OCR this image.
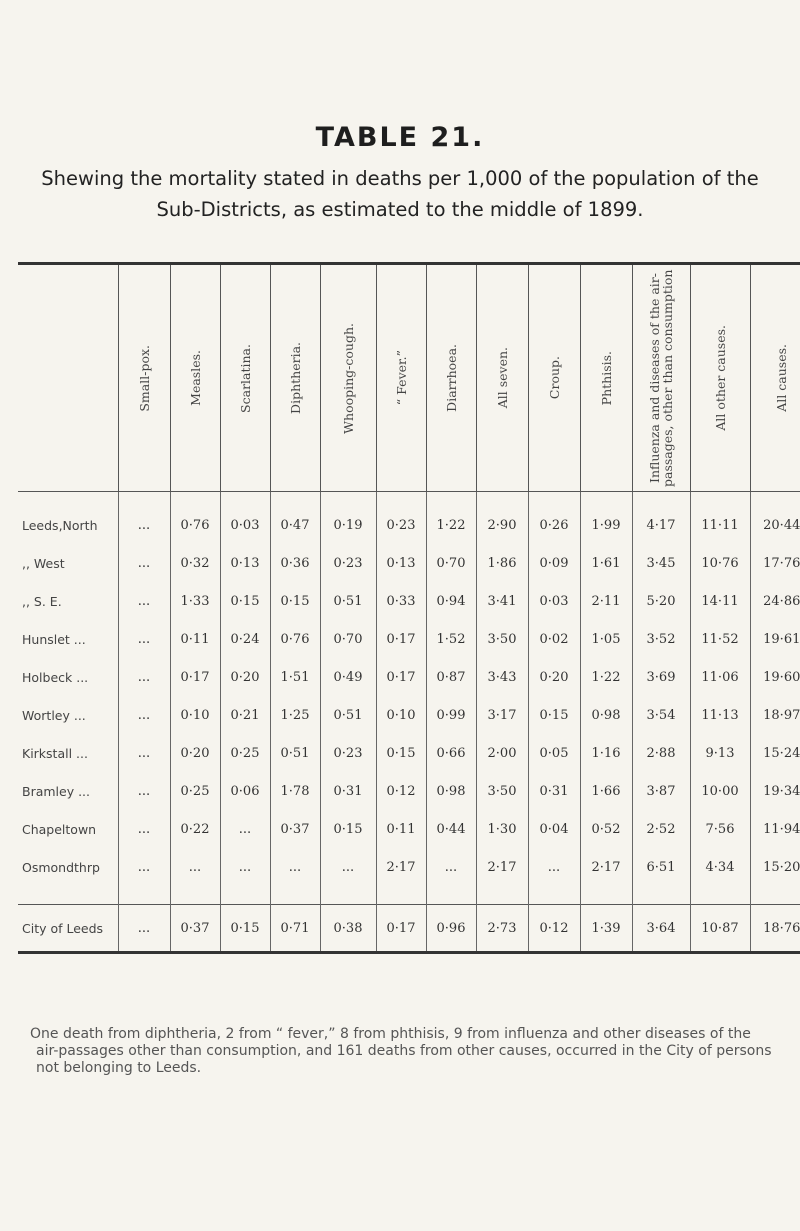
TABLE 21.
Shewing the mortality stated in deaths per 1,000 of the population of the Sub-Districts, as estimated to the middle of 1899.

	Small-pox.	Measles.	Scarlatina.	Diphtheria.	Whooping-cough.	“ Fever.”	Diarrhoea.	All seven.	Croup.	Phthisis.	Influenza and diseases of the air-passages, other than consumption	All other causes.	All causes.

Leeds,North	...	0·76	0·03	0·47	0·19	0·23	1·22	2·90	0·26	1·99	4·17	11·11	20·44
,, West	...	0·32	0·13	0·36	0·23	0·13	0·70	1·86	0·09	1·61	3·45	10·76	17·76
,, S. E.	...	1·33	0·15	0·15	0·51	0·33	0·94	3·41	0·03	2·11	5·20	14·11	24·86
Hunslet ...	...	0·11	0·24	0·76	0·70	0·17	1·52	3·50	0·02	1·05	3·52	11·52	19·61
Holbeck ...	...	0·17	0·20	1·51	0·49	0·17	0·87	3·43	0·20	1·22	3·69	11·06	19·60
Wortley ...	...	0·10	0·21	1·25	0·51	0·10	0·99	3·17	0·15	0·98	3·54	11·13	18·97
Kirkstall ...	...	0·20	0·25	0·51	0·23	0·15	0·66	2·00	0·05	1·16	2·88	9·13	15·24
Bramley ...	...	0·25	0·06	1·78	0·31	0·12	0·98	3·50	0·31	1·66	3·87	10·00	19·34
Chapeltown	...	0·22	...	0·37	0·15	0·11	0·44	1·30	0·04	0·52	2·52	7·56	11·94
Osmondthrp	...	...	...	...	...	2·17	...	2·17	...	2·17	6·51	4·34	15·20

City of Leeds	...	0·37	0·15	0·71	0·38	0·17	0·96	2·73	0·12	1·39	3·64	10·87	18·76

One death from diphtheria, 2 from “ fever,” 8 from phthisis, 9 from influenza and other diseases of the air-passages other than consumption, and 161 deaths from other causes, occurred in the City of persons not belonging to Leeds.
